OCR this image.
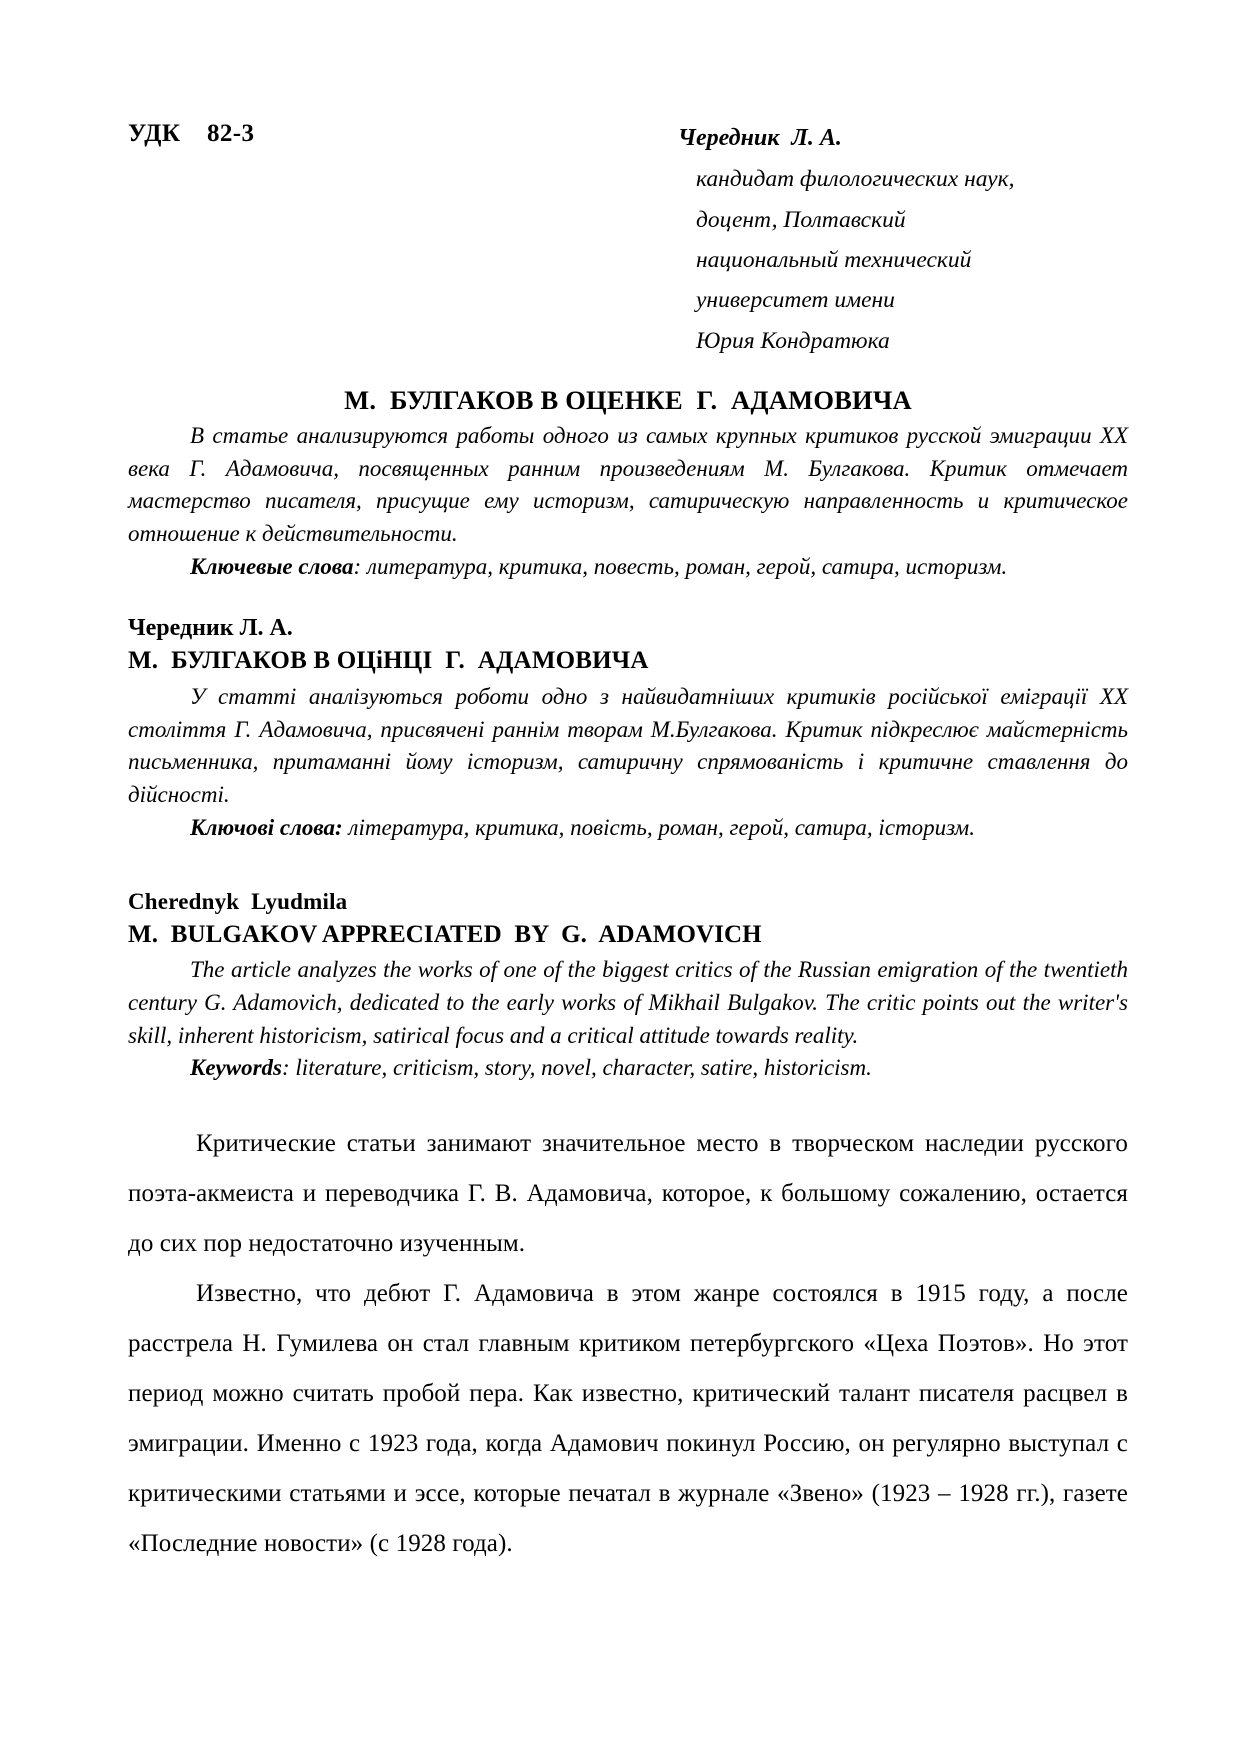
УДК 82-3	Чередник  Л. А.
кандидат филологических наук,
доцент, Полтавский
национальный технический
университет имени
Юрия Кондратюка
М.  БУЛГАКОВ В ОЦЕНКЕ  Г.  АДАМОВИЧА

В статье анализируются работы одного из самых крупных критиков русской эмиграции ХХ века Г. Адамовича, посвященных ранним произведениям М. Булгакова. Критик отмечает мастерство писателя, присущие ему историзм, сатирическую направленность и критическое отношение к действительности.

Ключевые слова: литература, критика, повесть, роман, герой, сатира, историзм.

Чередник Л. А.
М.  БУЛГАКОВ В ОЦіНЦІ  Г.  АДАМОВИЧА

У статті аналізуються роботи одно з найвидатніших критиків російської еміграції ХХ століття Г. Адамовича, присвячені раннім творам М.Булгакова. Критик підкреслює майстерність письменника, притаманні йому історизм, сатиричну спрямованість і критичне ставлення до дійсності.

Ключові слова: література, критика, повість, роман, герой, сатира, історизм.

Cherednyk  Lyudmila
M.  BULGAKOV APPRECIATED  BY  G.  ADAMOVICH

The article analyzes the works of one of the biggest critics of the Russian emigration of the twentieth century G. Adamovich, dedicated to the early works of Mikhail Bulgakov. The critic points out the writer's skill, inherent historicism, satirical focus and a critical attitude towards reality.

Keywords: literature, criticism, story, novel, character, satire, historicism.

Критические статьи занимают значительное место в творческом наследии русского поэта-акмеиста и переводчика Г. В. Адамовича, которое, к большому сожалению, остается до сих пор недостаточно изученным.

Известно, что дебют Г. Адамовича в этом жанре состоялся в 1915 году, а после расстрела Н. Гумилева он стал главным критиком петербургского «Цеха Поэтов». Но этот период можно считать пробой пера. Как известно, критический талант писателя расцвел в эмиграции. Именно с 1923 года, когда Адамович покинул Россию, он регулярно выступал с критическими статьями и эссе, которые печатал в журнале «Звено» (1923 – 1928 гг.), газете «Последние новости» (с 1928 года).
